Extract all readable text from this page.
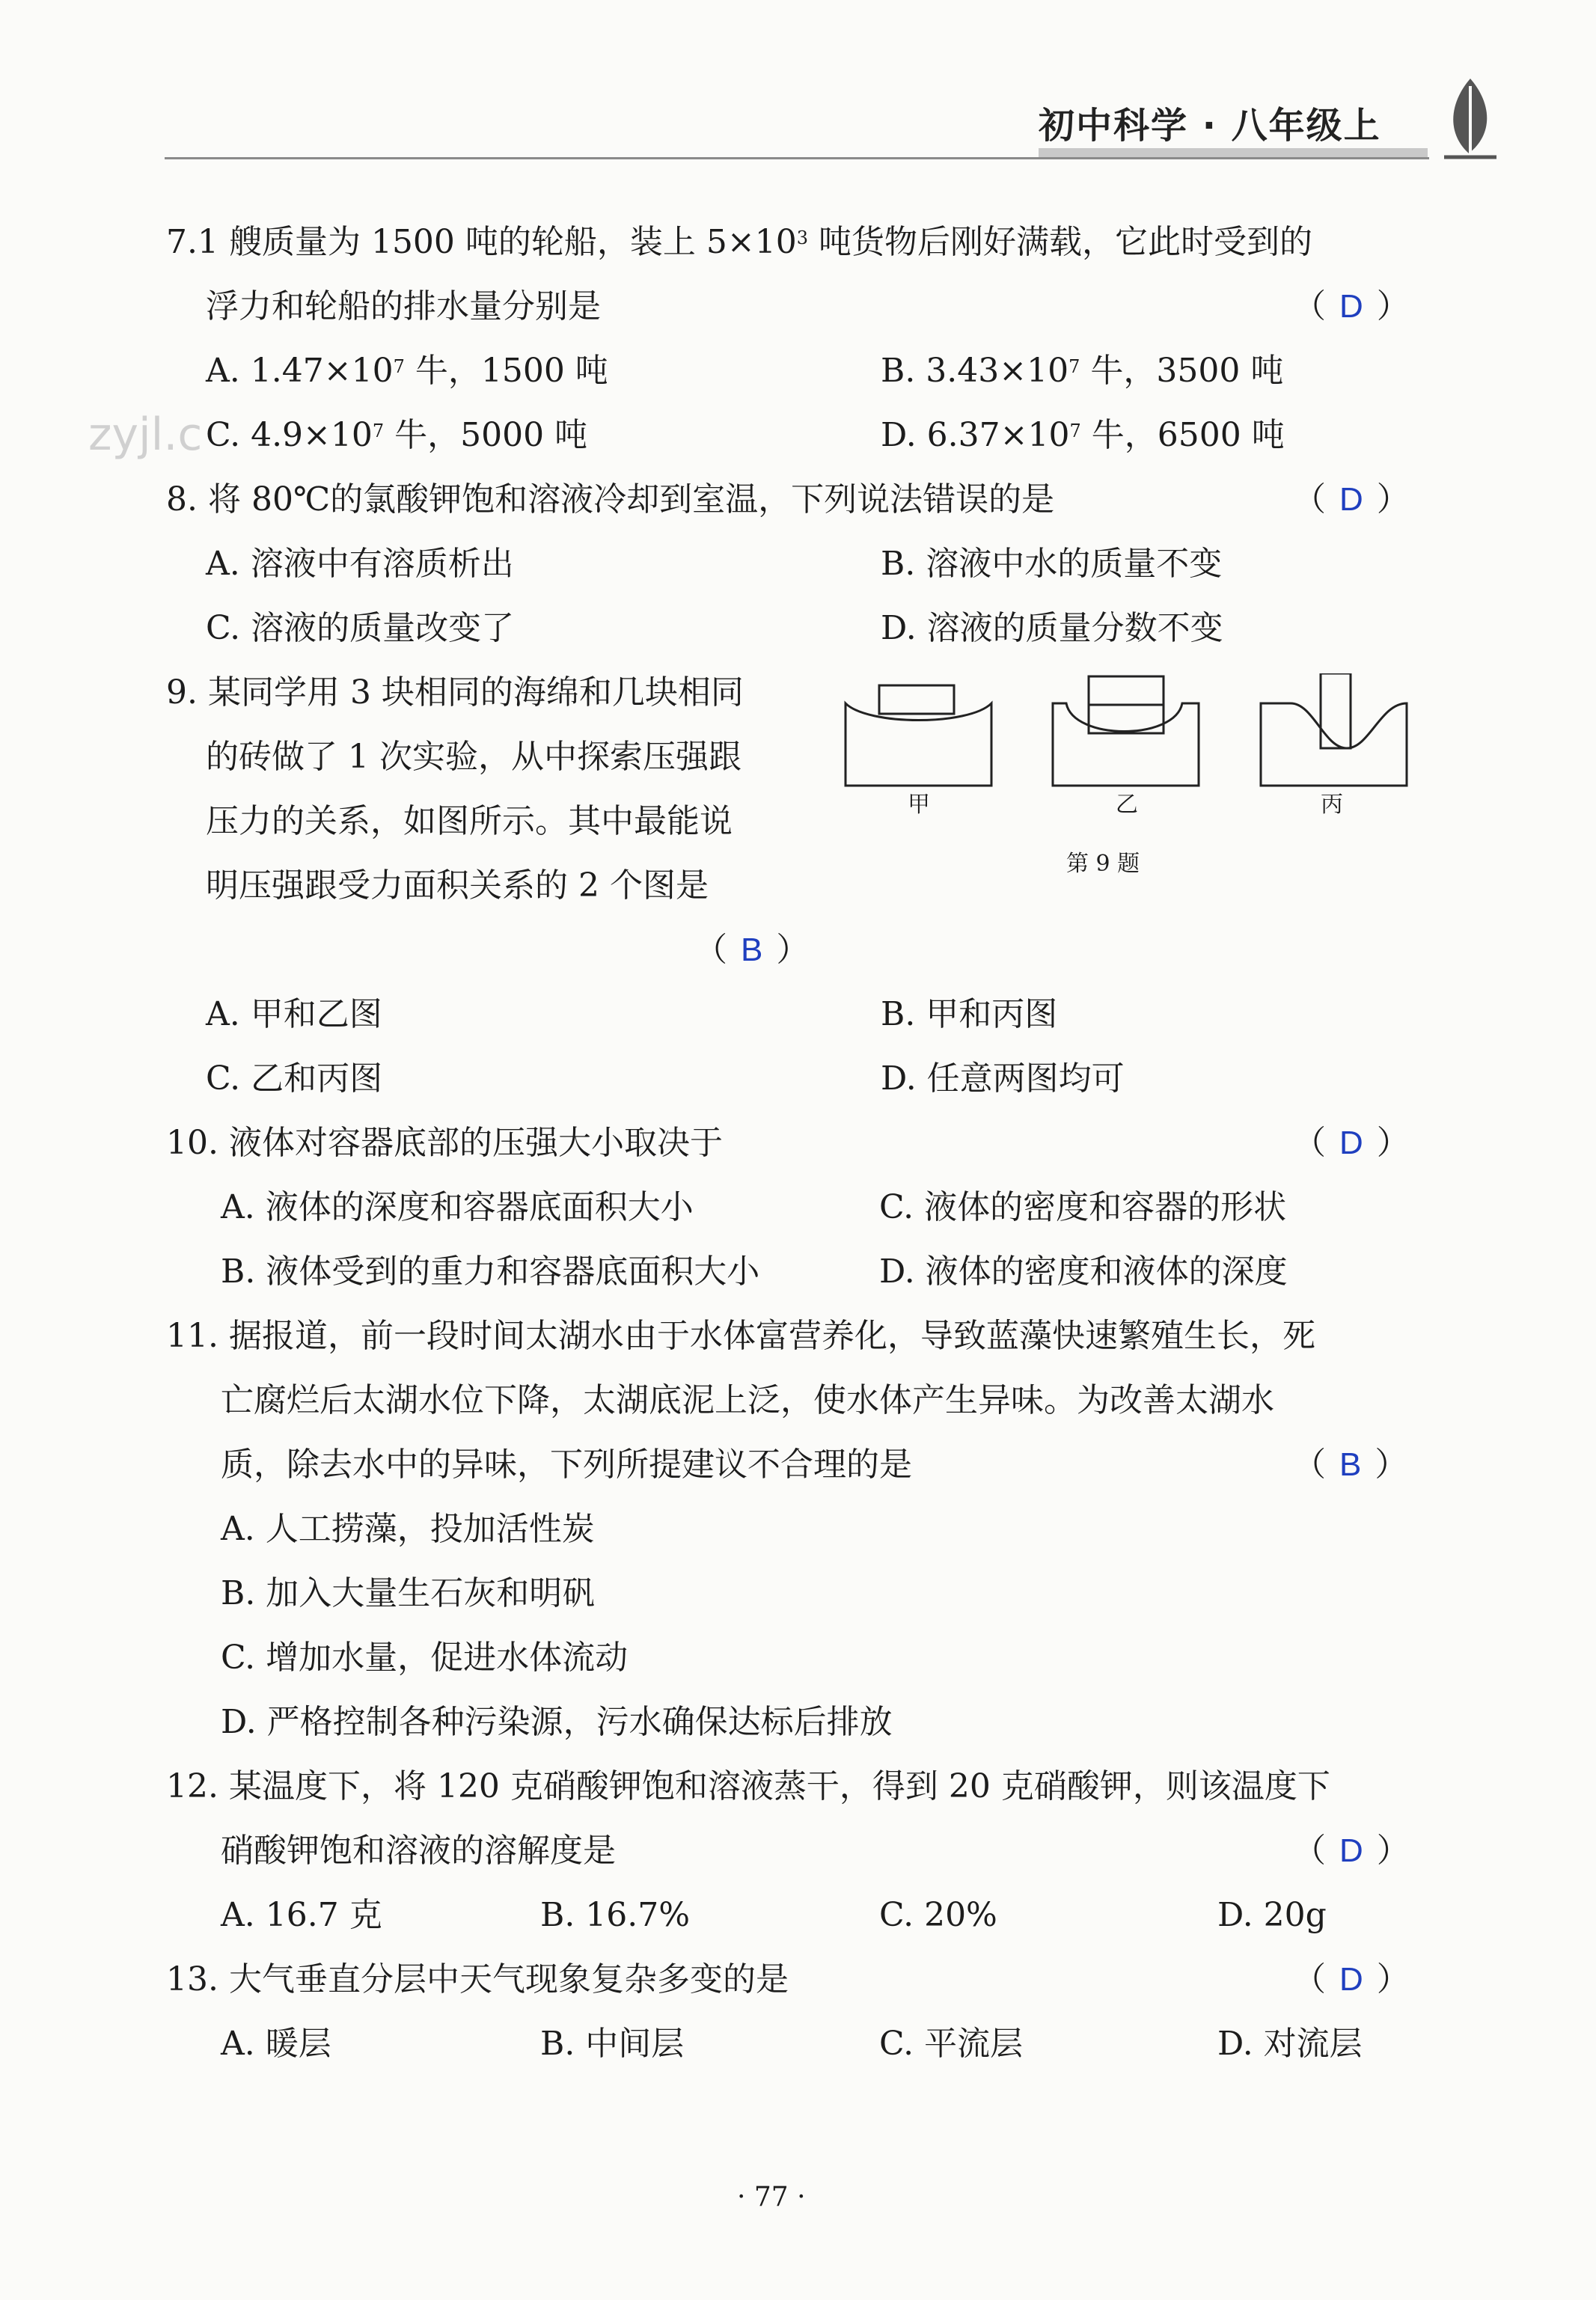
初中科学 · 八年级上
zyjl.c
7.1 艘质量为 1500 吨的轮船，装上 $5\times 10^3$ 吨货物后刚好满载，它此时受到的
浮力和轮船的排水量分别是	（ D ）
A. $1.47\times 10^7$ 牛，1500 吨	B. $3.43\times 10^7$ 牛，3500 吨
C. $4.9\times 10^7$ 牛，5000 吨	D. $6.37\times 10^7$ 牛，6500 吨
8. 将 80℃的氯酸钾饱和溶液冷却到室温，下列说法错误的是	（ D ）
A. 溶液中有溶质析出	B. 溶液中水的质量不变
C. 溶液的质量改变了	D. 溶液的质量分数不变
9. 某同学用 3 块相同的海绵和几块相同
的砖做了 1 次实验，从中探索压强跟
压力的关系，如图所示。其中最能说
明压强跟受力面积关系的 2 个图是
（ B ）
甲	乙	丙
第 9 题
A. 甲和乙图	B. 甲和丙图
C. 乙和丙图	D. 任意两图均可
10. 液体对容器底部的压强大小取决于	（ D ）
A. 液体的深度和容器底面积大小	C. 液体的密度和容器的形状
B. 液体受到的重力和容器底面积大小	D. 液体的密度和液体的深度
11. 据报道，前一段时间太湖水由于水体富营养化，导致蓝藻快速繁殖生长，死
亡腐烂后太湖水位下降，太湖底泥上泛，使水体产生异味。为改善太湖水
质，除去水中的异味，下列所提建议不合理的是	（ B ）
A. 人工捞藻，投加活性炭
B. 加入大量生石灰和明矾
C. 增加水量，促进水体流动
D. 严格控制各种污染源，污水确保达标后排放
12. 某温度下，将 120 克硝酸钾饱和溶液蒸干，得到 20 克硝酸钾，则该温度下
硝酸钾饱和溶液的溶解度是	（ D ）
A. 16.7 克	B. 16.7%	C. 20%	D. 20g
13. 大气垂直分层中天气现象复杂多变的是	（ D ）
A. 暖层	B. 中间层	C. 平流层	D. 对流层
· 77 ·
